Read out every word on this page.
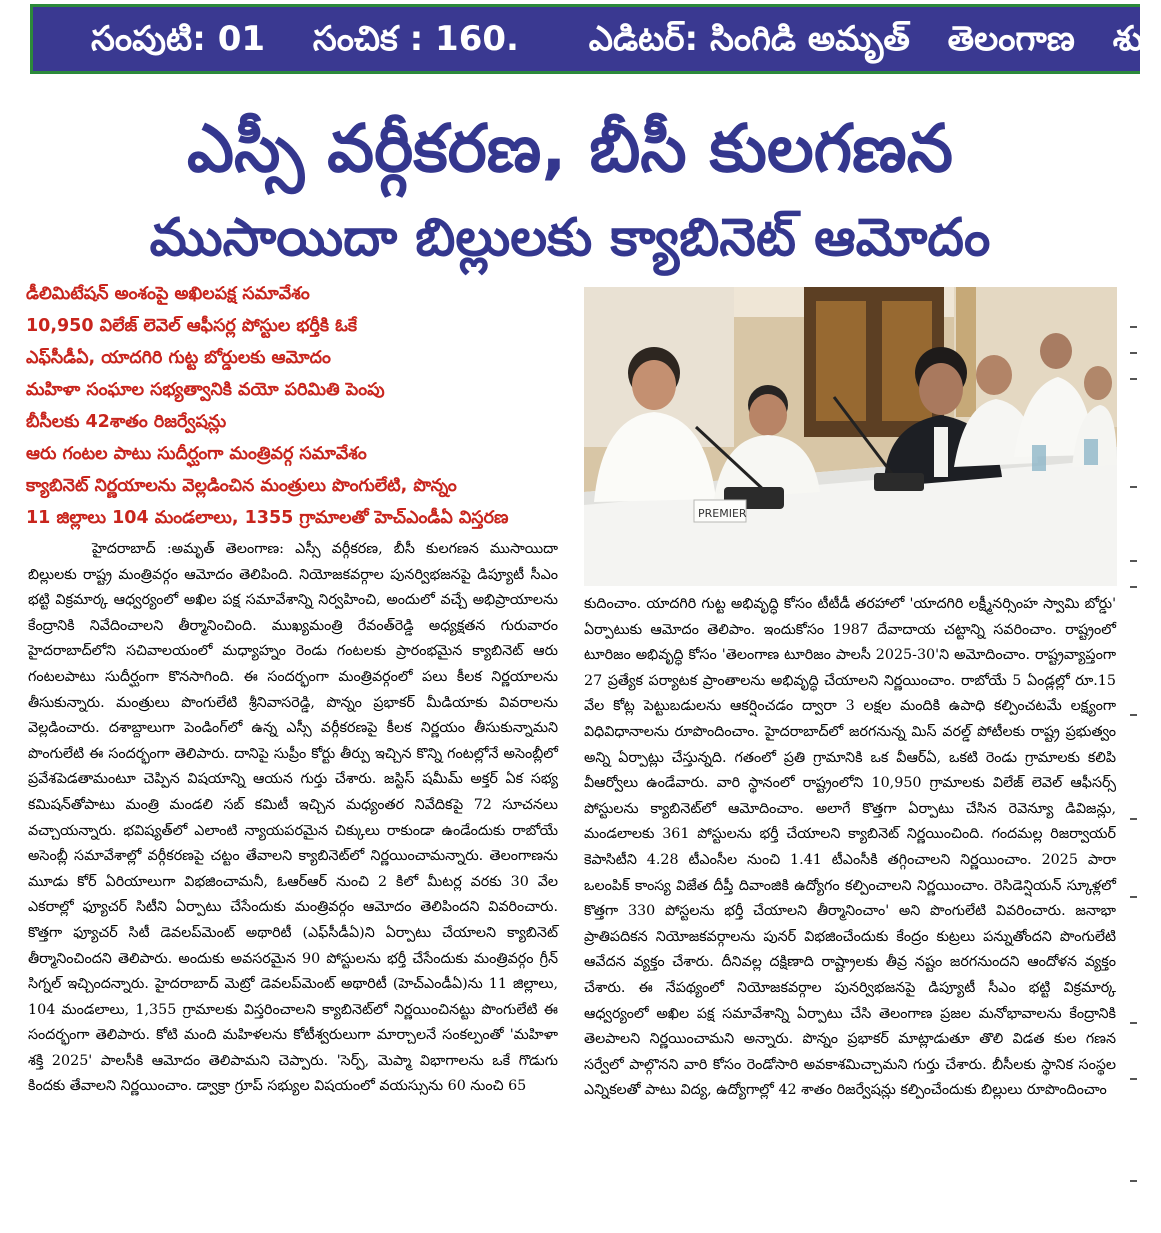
సంపుటి: 01 సంచిక : 160. ఎడిటర్: సింగిడి అమృత్ తెలంగాణ శుక్ర
ఎస్సీ వర్గీకరణ, బీసీ కులగణన
ముసాయిదా బిల్లులకు క్యాబినెట్ ఆమోదం
డీలిమిటేషన్ అంశంపై అఖిలపక్ష సమావేశం
10,950 విలేజ్ లెవెల్ ఆఫీసర్ల పోస్టుల భర్తీకి ఓకే
ఎఫ్‌సీడీఏ, యాదగిరి గుట్ట బోర్డులకు ఆమోదం
మహిళా సంఘాల సభ్యత్వానికి వయో పరిమితి పెంపు
బీసీలకు 42శాతం రిజర్వేషన్లు
ఆరు గంటల పాటు సుదీర్ఘంగా మంత్రివర్గ సమావేశం
క్యాబినెట్ నిర్ణయాలను వెల్లడించిన మంత్రులు పొంగులేటి, పొన్నం
11 జిల్లాలు 104 మండలాలు, 1355 గ్రామాలతో హెచ్ఎండీఏ విస్తరణ	PREMIER
హైదరాబాద్ :అమృత్ తెలంగాణ: ఎస్సీ వర్గీకరణ, బీసీ కులగణన ముసాయిదా బిల్లులకు రాష్ట్ర మంత్రివర్గం ఆమోదం తెలిపింది. నియోజకవర్గాల పునర్విభజనపై డిప్యూటీ సీఎం భట్టి విక్రమార్క ఆధ్వర్యంలో అఖిల పక్ష సమావేశాన్ని నిర్వహించి, అందులో వచ్చే అభిప్రాయాలను కేంద్రానికి నివేదించాలని తీర్మానించింది. ముఖ్యమంత్రి రేవంత్‌రెడ్డి అధ్యక్షతన గురువారం హైదరాబాద్‌లోని సచివాలయంలో మధ్యాహ్నం రెండు గంటలకు ప్రారంభమైన క్యాబినెట్ ఆరు గంటలపాటు సుదీర్ఘంగా కొనసాగింది. ఈ సందర్భంగా మంత్రివర్గంలో పలు కీలక నిర్ణయాలను తీసుకున్నారు. మంత్రులు పొంగులేటి శ్రీనివాసరెడ్డి, పొన్నం ప్రభాకర్ మీడియాకు వివరాలను వెల్లడించారు. దశాబ్దాలుగా పెండింగ్‌లో ఉన్న ఎస్సీ వర్గీకరణపై కీలక నిర్ణయం తీసుకున్నామని పొంగులేటి ఈ సందర్భంగా తెలిపారు. దానిపై సుప్రీం కోర్టు తీర్పు ఇచ్చిన కొన్ని గంటల్లోనే అసెంబ్లీలో ప్రవేశపెడతామంటూ చెప్పిన విషయాన్ని ఆయన గుర్తు చేశారు. జస్టిస్ షమీమ్ అక్తర్ ఏక సభ్య కమిషన్‌తోపాటు మంత్రి మండలి సబ్ కమిటీ ఇచ్చిన మధ్యంతర నివేదికపై 72 సూచనలు వచ్చాయన్నారు. భవిష్యత్‌లో ఎలాంటి న్యాయపరమైన చిక్కులు రాకుండా ఉండేందుకు రాబోయే అసెంబ్లీ సమావేశాల్లో వర్గీకరణపై చట్టం తేవాలని క్యాబినెట్‌లో నిర్ణయించామన్నారు. తెలంగాణను మూడు కోర్ ఏరియాలుగా విభజించామనీ, ఓఆర్ఆర్ నుంచి 2 కిలో మీటర్ల వరకు 30 వేల ఎకరాల్లో ఫ్యూచర్ సిటీని ఏర్పాటు చేసేందుకు మంత్రివర్గం ఆమోదం తెలిపిందని వివరించారు. కొత్తగా ఫ్యూచర్ సిటీ డెవలప్‌మెంట్ అథారిటీ (ఎఫ్‌సీడీఏ)ని ఏర్పాటు చేయాలని క్యాబినెట్ తీర్మానించిందని తెలిపారు. అందుకు అవసరమైన 90 పోస్టులను భర్తీ చేసేందుకు మంత్రివర్గం గ్రీన్ సిగ్నల్ ఇచ్చిందన్నారు. హైదరాబాద్ మెట్రో డెవలప్‌మెంట్ అథారిటీ (హెచ్ఎండీఏ)ను 11 జిల్లాలు, 104 మండలాలు, 1,355 గ్రామాలకు విస్తరించాలని క్యాబినెట్‌లో నిర్ణయించినట్టు పొంగులేటి ఈ సందర్భంగా తెలిపారు. కోటి మంది మహిళలను కోటీశ్వరులుగా మార్చాలనే సంకల్పంతో 'మహిళా శక్తి 2025' పాలసీకి ఆమోదం తెలిపామని చెప్పారు. 'సెర్ప్, మెప్మా విభాగాలను ఒకే గొడుగు కిందకు తేవాలని నిర్ణయించాం. డ్వాక్రా గ్రూప్ సభ్యుల విషయంలో వయస్సును 60 నుంచి 65
కుదించాం. యాదగిరి గుట్ట అభివృద్ధి కోసం టీటీడీ తరహాలో 'యాదగిరి లక్ష్మీనర్సింహ స్వామి బోర్డు' ఏర్పాటుకు ఆమోదం తెలిపాం. ఇందుకోసం 1987 దేవాదాయ చట్టాన్ని సవరించాం. రాష్ట్రంలో టూరిజం అభివృద్ధి కోసం 'తెలంగాణ టూరిజం పాలసీ 2025-30'ని అమోదించాం. రాష్ట్రవ్యాప్తంగా 27 ప్రత్యేక పర్యాటక ప్రాంతాలను అభివృద్ధి చేయాలని నిర్ణయించాం. రాబోయే 5 ఏండ్లల్లో రూ.15 వేల కోట్ల పెట్టుబడులను ఆకర్షించడం ద్వారా 3 లక్షల మందికి ఉపాధి కల్పించటమే లక్ష్యంగా విధివిధానాలను రూపొందించాం. హైదరాబాద్‌లో జరగనున్న మిస్ వరల్డ్ పోటీలకు రాష్ట్ర ప్రభుత్వం అన్ని ఏర్పాట్లు చేస్తున్నది. గతంలో ప్రతి గ్రామానికి ఒక వీఆర్ఏ, ఒకటి రెండు గ్రామాలకు కలిపి వీఆర్వోలు ఉండేవారు. వారి స్థానంలో రాష్ట్రంలోని 10,950 గ్రామాలకు విలేజ్ లెవెల్ ఆఫీసర్స్ పోస్టులను క్యాబినెట్‌లో ఆమోదించాం. అలాగే కొత్తగా ఏర్పాటు చేసిన రెవెన్యూ డివిజన్లు, మండలాలకు 361 పోస్టులను భర్తీ చేయాలని క్యాబినెట్ నిర్ణయించింది. గందమల్ల రిజర్వాయర్ కెపాసిటీని 4.28 టీఎంసీల నుంచి 1.41 టీఎంసీకి తగ్గించాలని నిర్ణయించాం. 2025 పారా ఒలంపిక్ కాంస్య విజేత దీప్తీ దివాంజికి ఉద్యోగం కల్పించాలని నిర్ణయించాం. రెసిడెన్షియన్ స్కూళ్లలో కొత్తగా 330 పోస్టలను భర్తీ చేయాలని తీర్మానించాం' అని పొంగులేటి వివరించారు. జనాభా ప్రాతిపదికన నియోజకవర్గాలను పునర్ విభజించేందుకు కేంద్రం కుట్రలు పన్నుతోందని పొంగులేటి ఆవేదన వ్యక్తం చేశారు. దీనివల్ల దక్షిణాది రాష్ట్రాలకు తీవ్ర నష్టం జరగనుందని ఆందోళన వ్యక్తం చేశారు. ఈ నేపథ్యంలో నియోజకవర్గాల పునర్విభజనపై డిప్యూటీ సీఎం భట్టి విక్రమార్క ఆధ్వర్యంలో అఖిల పక్ష సమావేశాన్ని ఏర్పాటు చేసి తెలంగాణ ప్రజల మనోభావాలను కేంద్రానికి తెలపాలని నిర్ణయించామని అన్నారు. పొన్నం ప్రభాకర్ మాట్లాడుతూ తొలి విడత కుల గణన సర్వేలో పాల్గొనని వారి కోసం రెండోసారి అవకాశమిచ్చామని గుర్తు చేశారు. బీసీలకు స్థానిక సంస్థల ఎన్నికలతో పాటు విద్య, ఉద్యోగాల్లో 42 శాతం రిజర్వేషన్లు కల్పించేందుకు బిల్లులు రూపొందించాం
